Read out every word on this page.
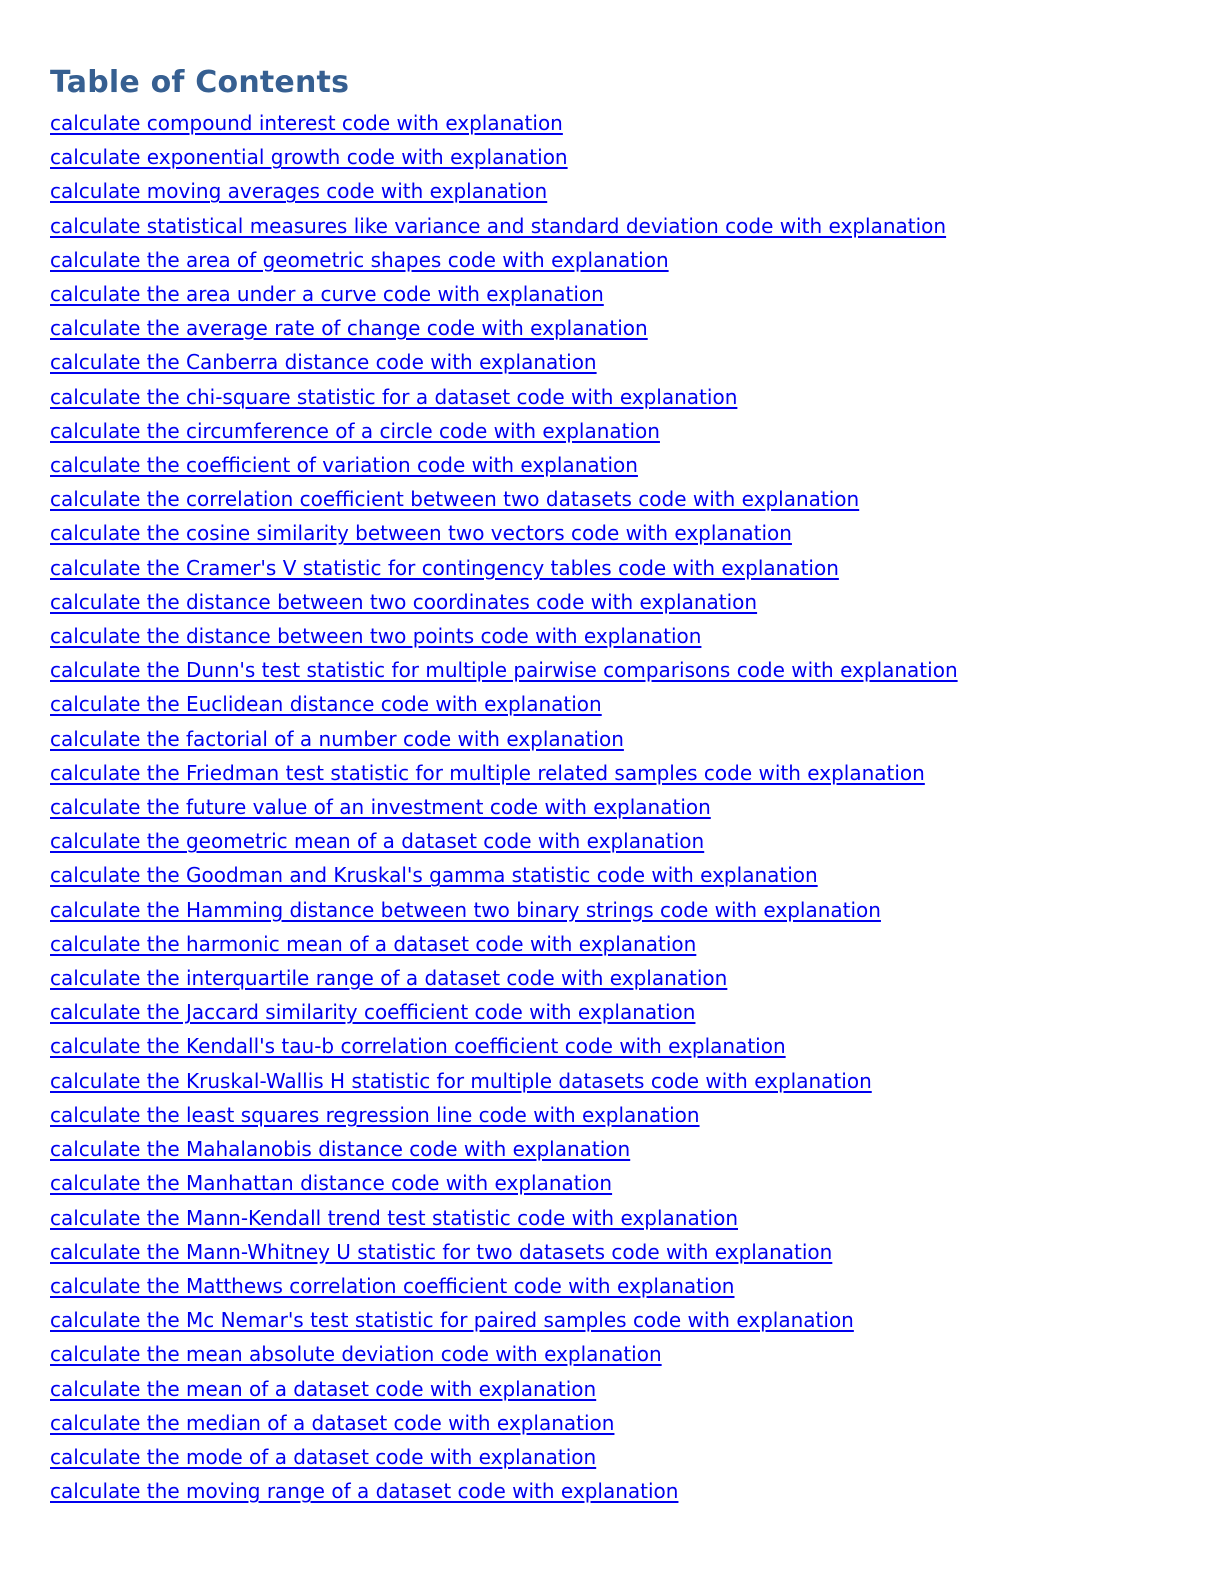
Table of Contents
calculate compound interest code with explanation
calculate exponential growth code with explanation
calculate moving averages code with explanation
calculate statistical measures like variance and standard deviation code with explanation
calculate the area of geometric shapes code with explanation
calculate the area under a curve code with explanation
calculate the average rate of change code with explanation
calculate the Canberra distance code with explanation
calculate the chi-square statistic for a dataset code with explanation
calculate the circumference of a circle code with explanation
calculate the coefficient of variation code with explanation
calculate the correlation coefficient between two datasets code with explanation
calculate the cosine similarity between two vectors code with explanation
calculate the Cramer's V statistic for contingency tables code with explanation
calculate the distance between two coordinates code with explanation
calculate the distance between two points code with explanation
calculate the Dunn's test statistic for multiple pairwise comparisons code with explanation
calculate the Euclidean distance code with explanation
calculate the factorial of a number code with explanation
calculate the Friedman test statistic for multiple related samples code with explanation
calculate the future value of an investment code with explanation
calculate the geometric mean of a dataset code with explanation
calculate the Goodman and Kruskal's gamma statistic code with explanation
calculate the Hamming distance between two binary strings code with explanation
calculate the harmonic mean of a dataset code with explanation
calculate the interquartile range of a dataset code with explanation
calculate the Jaccard similarity coefficient code with explanation
calculate the Kendall's tau-b correlation coefficient code with explanation
calculate the Kruskal-Wallis H statistic for multiple datasets code with explanation
calculate the least squares regression line code with explanation
calculate the Mahalanobis distance code with explanation
calculate the Manhattan distance code with explanation
calculate the Mann-Kendall trend test statistic code with explanation
calculate the Mann-Whitney U statistic for two datasets code with explanation
calculate the Matthews correlation coefficient code with explanation
calculate the Mc Nemar's test statistic for paired samples code with explanation
calculate the mean absolute deviation code with explanation
calculate the mean of a dataset code with explanation
calculate the median of a dataset code with explanation
calculate the mode of a dataset code with explanation
calculate the moving range of a dataset code with explanation
